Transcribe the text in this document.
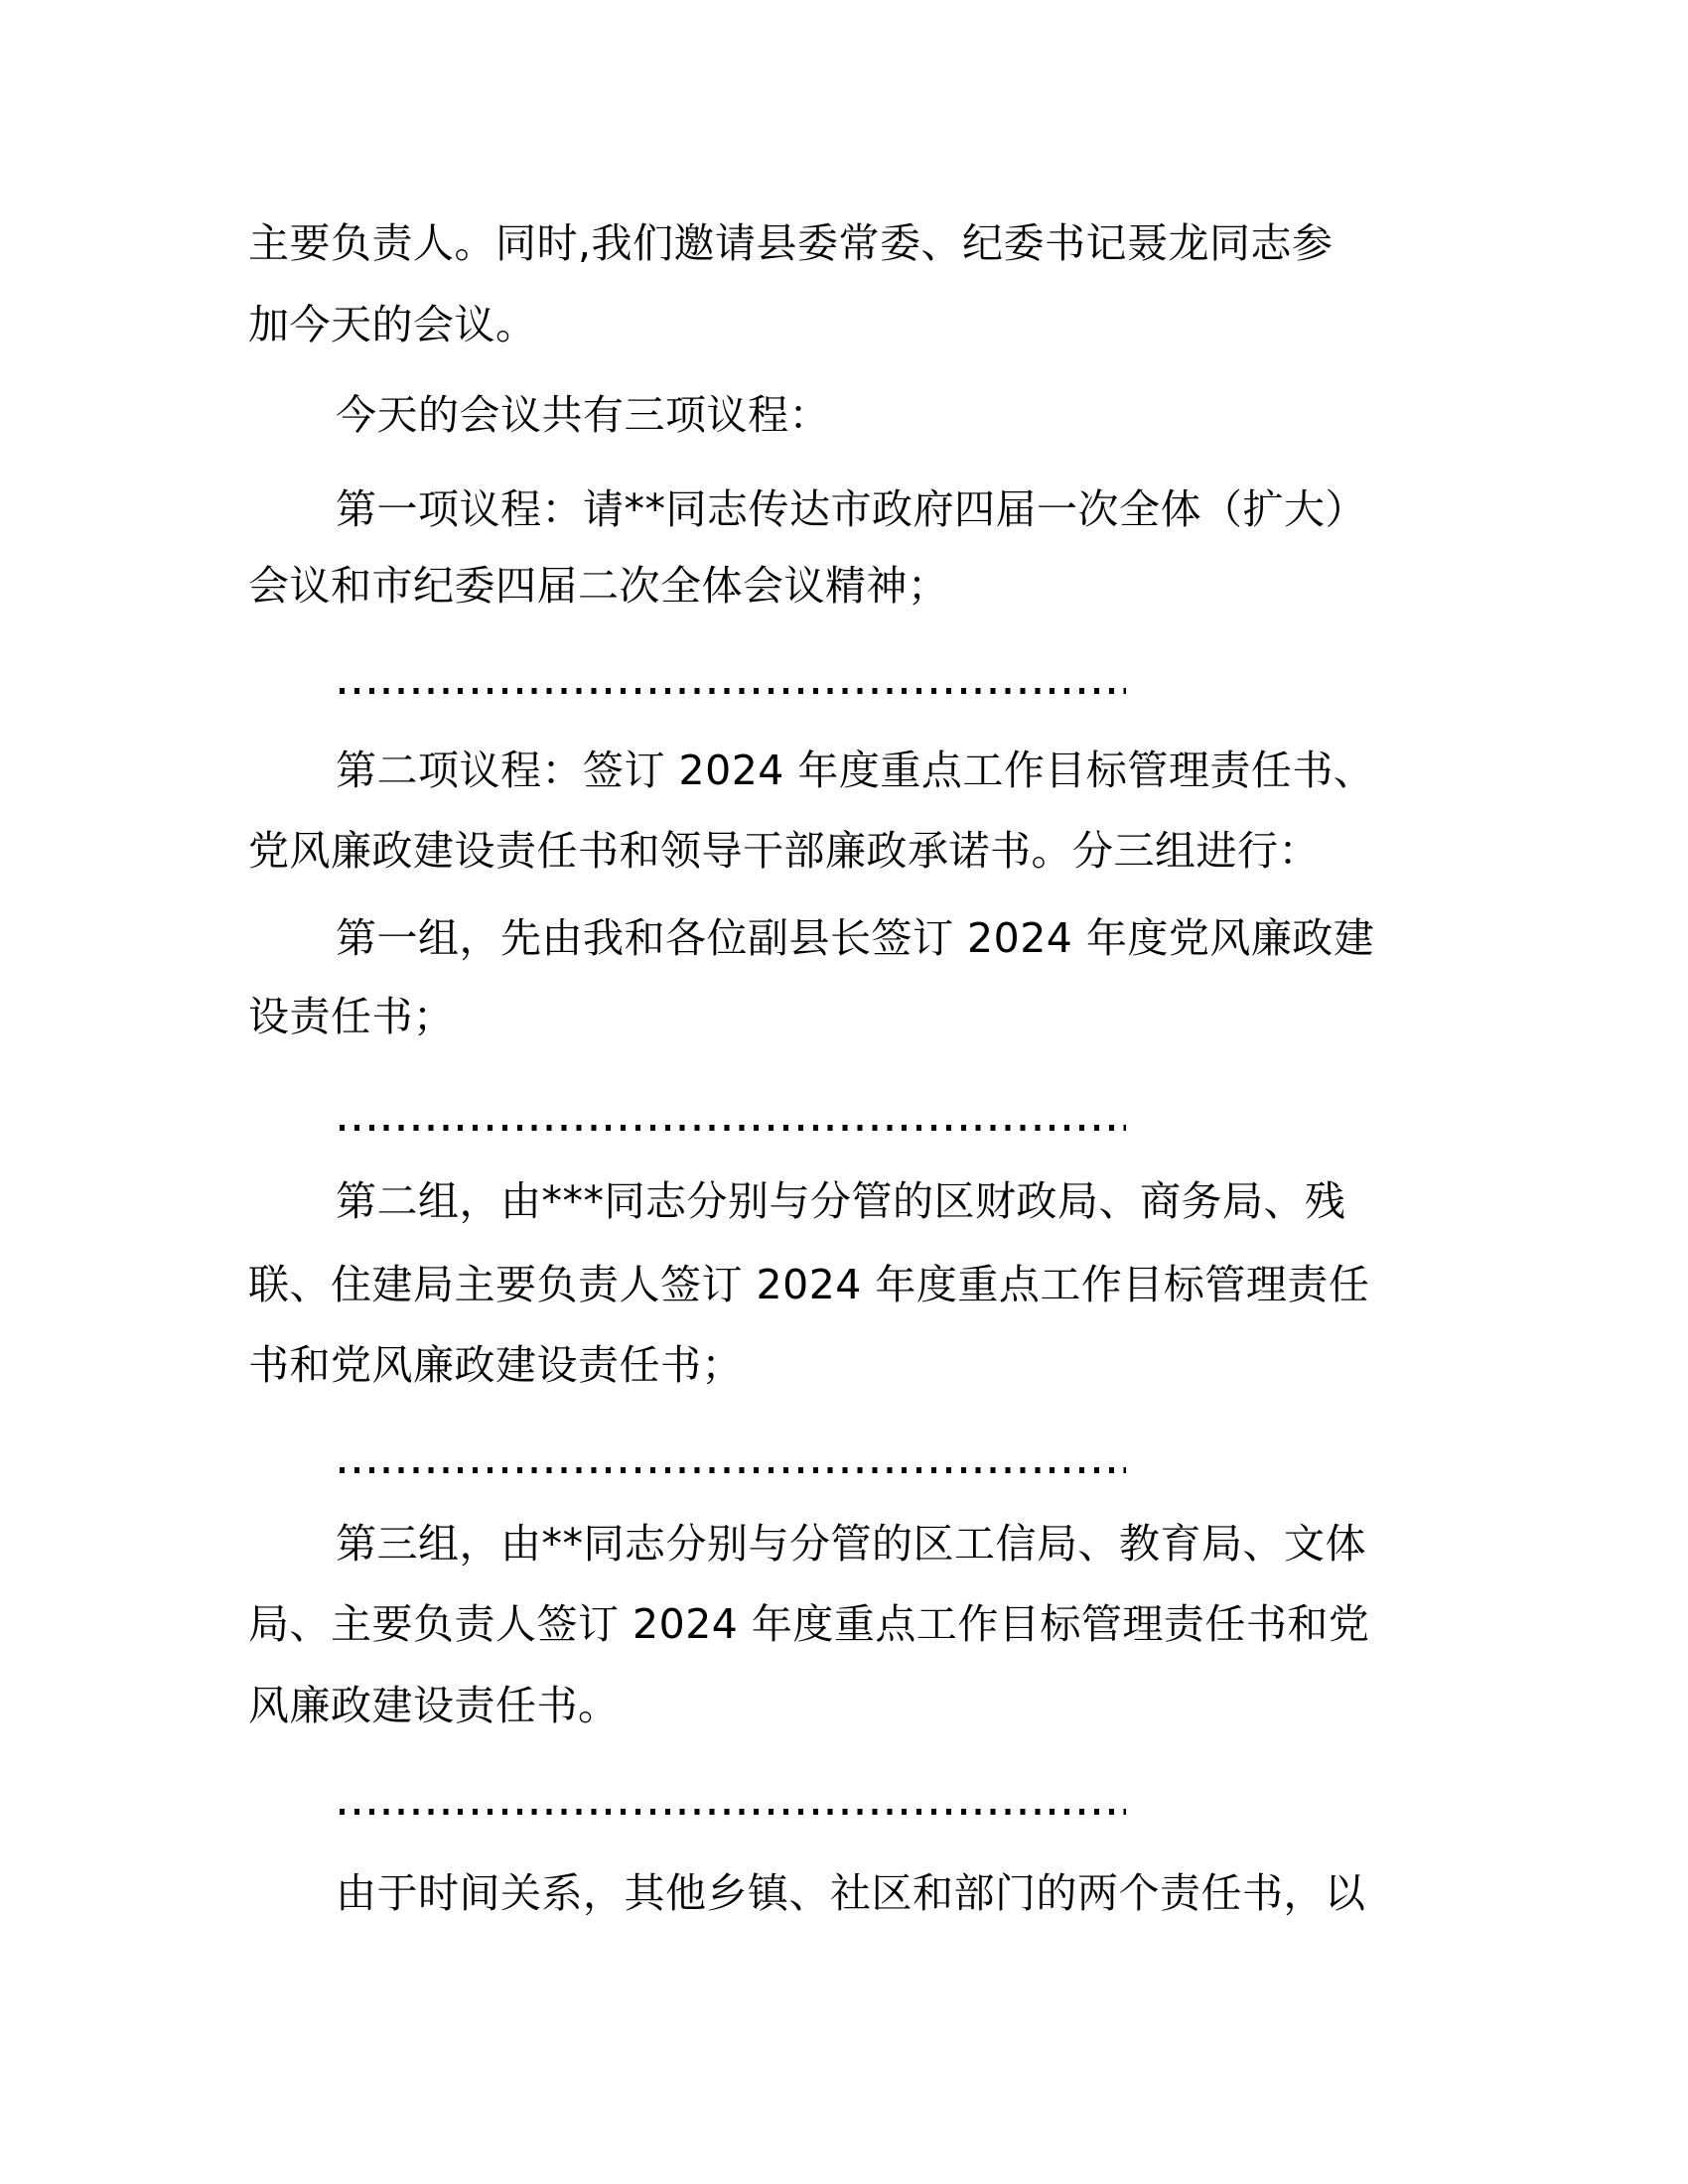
主要负责人。同时,我们邀请县委常委、纪委书记聂龙同志参
加今天的会议。
今天的会议共有三项议程：
第一项议程：请**同志传达市政府四届一次全体（扩大）
会议和市纪委四届二次全体会议精神；
第二项议程：签订 2024 年度重点工作目标管理责任书、
党风廉政建设责任书和领导干部廉政承诺书。分三组进行：
第一组，先由我和各位副县长签订 2024 年度党风廉政建
设责任书；
第二组，由***同志分别与分管的区财政局、商务局、残
联、住建局主要负责人签订 2024 年度重点工作目标管理责任
书和党风廉政建设责任书；
第三组，由**同志分别与分管的区工信局、教育局、文体
局、主要负责人签订 2024 年度重点工作目标管理责任书和党
风廉政建设责任书。
由于时间关系，其他乡镇、社区和部门的两个责任书，以
